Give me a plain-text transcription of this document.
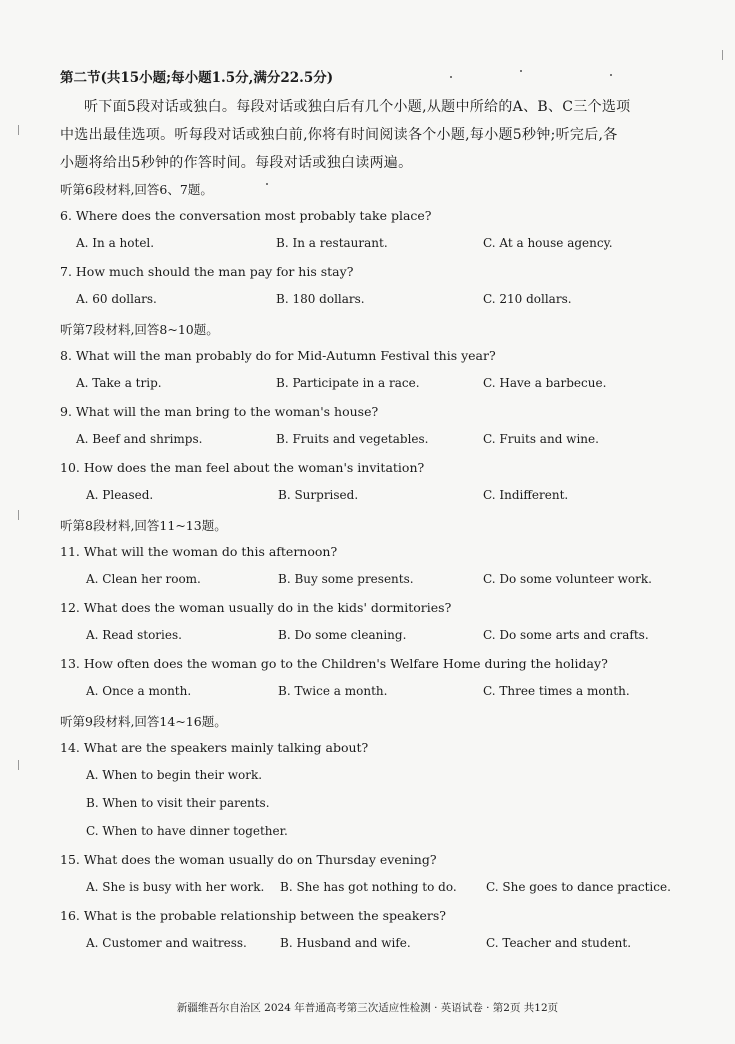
第二节(共15小题;每小题1.5分,满分22.5分)
听下面5段对话或独白。每段对话或独白后有几个小题,从题中所给的A、B、C三个选项
中选出最佳选项。听每段对话或独白前,你将有时间阅读各个小题,每小题5秒钟;听完后,各
小题将给出5秒钟的作答时间。每段对话或独白读两遍。
听第6段材料,回答6、7题。
6. Where does the conversation most probably take place?
A. In a hotel.	B. In a restaurant.	C. At a house agency.
7. How much should the man pay for his stay?
A. 60 dollars.	B. 180 dollars.	C. 210 dollars.
听第7段材料,回答8~10题。
8. What will the man probably do for Mid-Autumn Festival this year?
A. Take a trip.	B. Participate in a race.	C. Have a barbecue.
9. What will the man bring to the woman's house?
A. Beef and shrimps.	B. Fruits and vegetables.	C. Fruits and wine.
10. How does the man feel about the woman's invitation?
A. Pleased.	B. Surprised.	C. Indifferent.
听第8段材料,回答11~13题。
11. What will the woman do this afternoon?
A. Clean her room.	B. Buy some presents.	C. Do some volunteer work.
12. What does the woman usually do in the kids' dormitories?
A. Read stories.	B. Do some cleaning.	C. Do some arts and crafts.
13. How often does the woman go to the Children's Welfare Home during the holiday?
A. Once a month.	B. Twice a month.	C. Three times a month.
听第9段材料,回答14~16题。
14. What are the speakers mainly talking about?
A. When to begin their work.
B. When to visit their parents.
C. When to have dinner together.
15. What does the woman usually do on Thursday evening?
A. She is busy with her work. B. She has got nothing to do. C. She goes to dance practice.
16. What is the probable relationship between the speakers?
A. Customer and waitress.	B. Husband and wife.	C. Teacher and student.
新疆维吾尔自治区 2024 年普通高考第三次适应性检测 · 英语试卷 · 第2页 共12页
